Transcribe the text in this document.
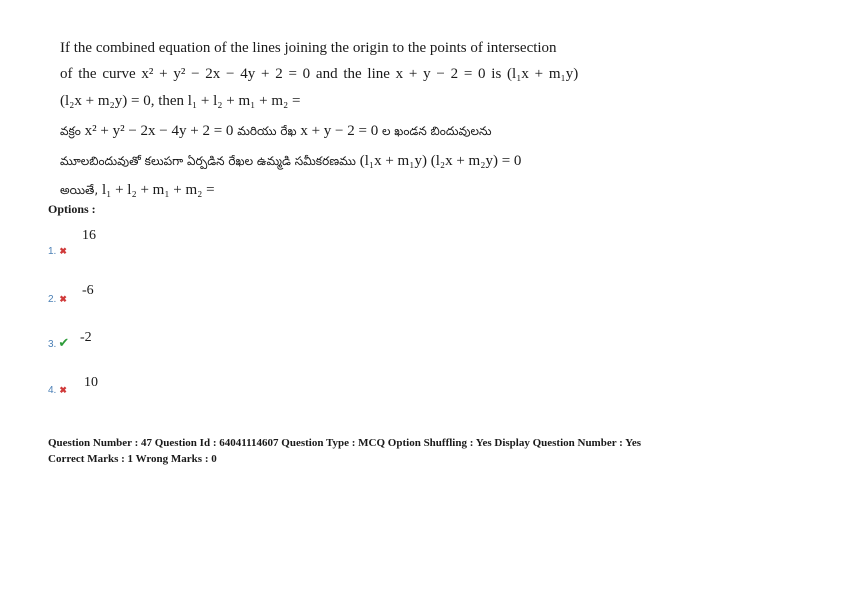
If the combined equation of the lines joining the origin to the points of intersection
of the curve x² + y² − 2x − 4y + 2 = 0 and the line x + y − 2 = 0 is (l₁x + m₁y)
(l₂x + m₂y) = 0, then l₁ + l₂ + m₁ + m₂ =
వక్రం x² + y² − 2x − 4y + 2 = 0 మరియు రేఖ x + y − 2 = 0 ల ఖండన బిందువులను
మూలబిందువుతో కలుపగా ఏర్పడిన రేఖల ఉమ్మడి సమీకరణము (l₁x + m₁y) (l₂x + m₂y) = 0
అయితే, l₁ + l₂ + m₁ + m₂ =
Options :
16
1. ✖
-6
2. ✖
3. ✔ -2
10
4. ✖
Question Number : 47 Question Id : 64041114607 Question Type : MCQ Option Shuffling : Yes Display Question Number : Yes
Correct Marks : 1 Wrong Marks : 0
